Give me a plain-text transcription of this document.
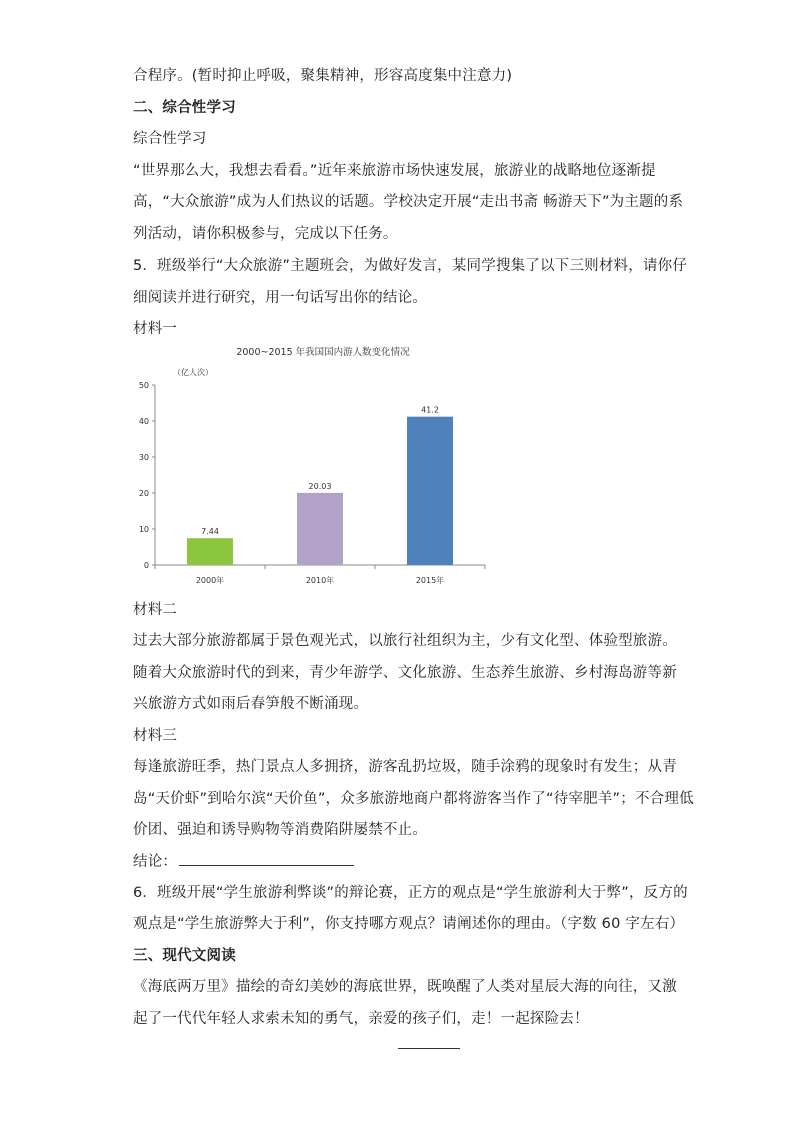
合程序。(暂时抑止呼吸，聚集精神，形容高度集中注意力)
二、综合性学习
综合性学习
“世界那么大，我想去看看。”近年来旅游市场快速发展，旅游业的战略地位逐渐提
高，“大众旅游”成为人们热议的话题。学校决定开展“走出书斋 畅游天下”为主题的系
列活动，请你积极参与，完成以下任务。
5．班级举行“大众旅游”主题班会，为做好发言，某同学搜集了以下三则材料，请你仔
细阅读并进行研究，用一句话写出你的结论。
材料一
2000~2015 年我国国内游人数变化情况
（亿人次）
0
10
20
30
40
50
7.44
2000年
20.03
2010年
41.2
2015年
材料二
过去大部分旅游都属于景色观光式，以旅行社组织为主，少有文化型、体验型旅游。
随着大众旅游时代的到来，青少年游学、文化旅游、生态养生旅游、乡村海岛游等新
兴旅游方式如雨后春笋般不断涌现。
材料三
每逢旅游旺季，热门景点人多拥挤，游客乱扔垃圾，随手涂鸦的现象时有发生；从青
岛“天价虾”到哈尔滨“天价鱼”，众多旅游地商户都将游客当作了“待宰肥羊”；不合理低
价团、强迫和诱导购物等消费陷阱屡禁不止。
结论：
6．班级开展“学生旅游利弊谈”的辩论赛，正方的观点是“学生旅游利大于弊”，反方的
观点是“学生旅游弊大于利”，你支持哪方观点？请阐述你的理由。（字数 60 字左右）
三、现代文阅读
《海底两万里》描绘的奇幻美妙的海底世界，既唤醒了人类对星辰大海的向往，又激
起了一代代年轻人求索未知的勇气，亲爱的孩子们，走！一起探险去！
